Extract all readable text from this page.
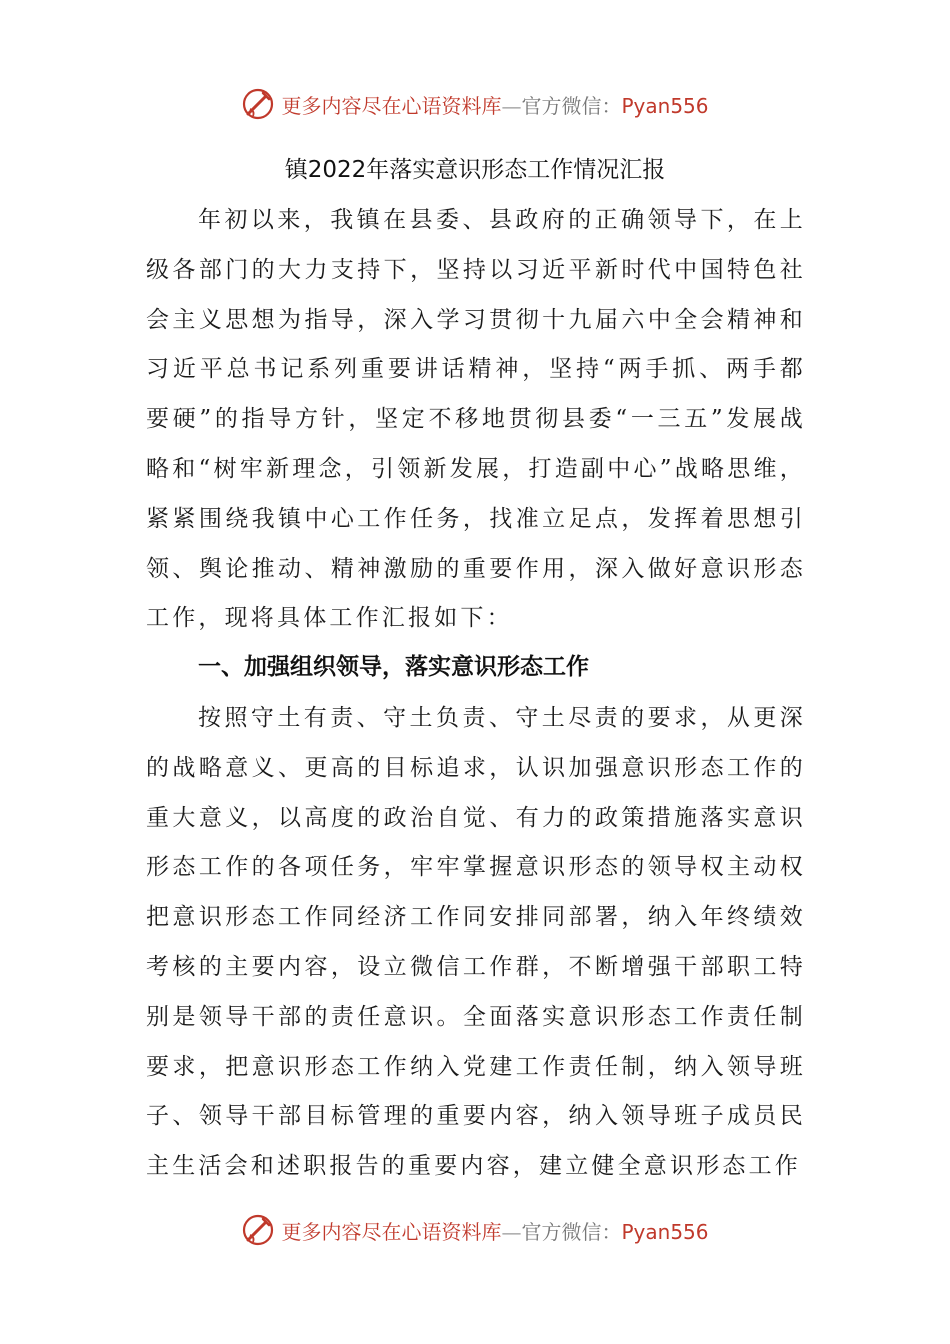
更多内容尽在心语资料库—官方微信：Pyan556
镇2022年落实意识形态工作情况汇报

年初以来，我镇在县委、县政府的正确领导下，在上级各部门的大力支持下，坚持以习近平新时代中国特色社会主义思想为指导，深入学习贯彻十九届六中全会精神和习近平总书记系列重要讲话精神，坚持“两手抓、两手都要硬”的指导方针，坚定不移地贯彻县委“一三五”发展战略和“树牢新理念，引领新发展，打造副中心”战略思维，紧紧围绕我镇中心工作任务，找准立足点，发挥着思想引领、舆论推动、精神激励的重要作用，深入做好意识形态工作，现将具体工作汇报如下：

一、加强组织领导，落实意识形态工作

按照守土有责、守土负责、守土尽责的要求，从更深的战略意义、更高的目标追求，认识加强意识形态工作的重大意义，以高度的政治自觉、有力的政策措施落实意识形态工作的各项任务，牢牢掌握意识形态的领导权主动权把意识形态工作同经济工作同安排同部署，纳入年终绩效考核的主要内容，设立微信工作群，不断增强干部职工特别是领导干部的责任意识。全面落实意识形态工作责任制要求，把意识形态工作纳入党建工作责任制，纳入领导班子、领导干部目标管理的重要内容，纳入领导班子成员民主生活会和述职报告的重要内容，建立健全意识形态工作

更多内容尽在心语资料库—官方微信：Pyan556
